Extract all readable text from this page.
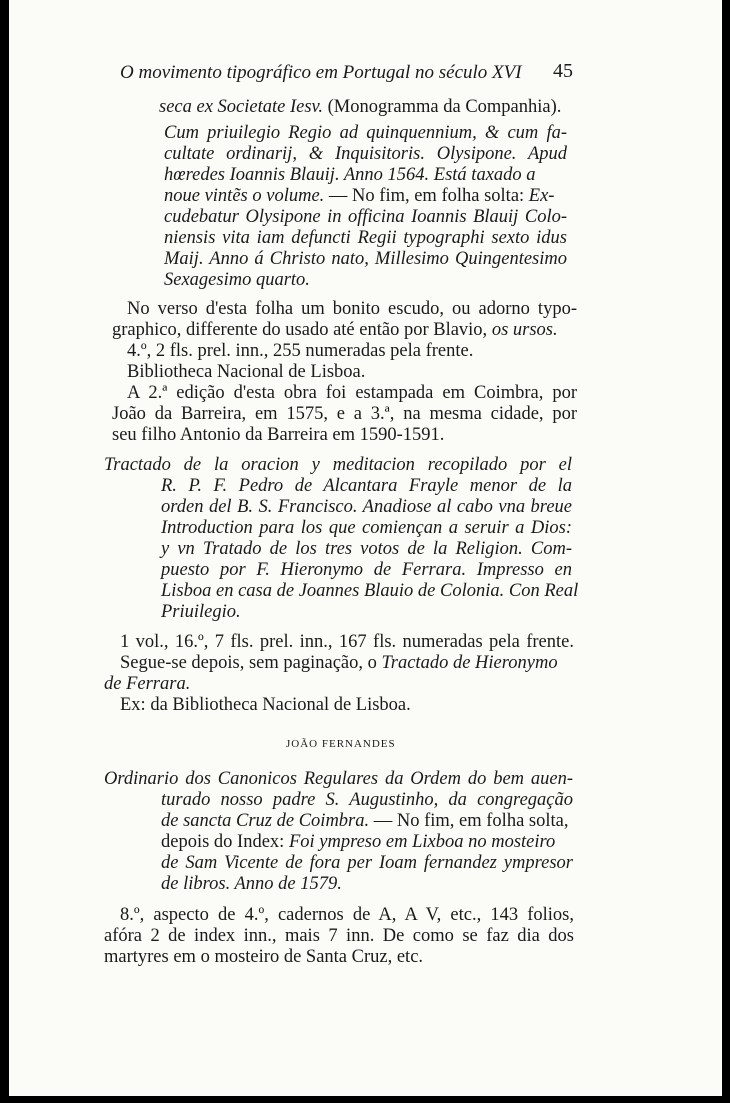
O movimento tipográfico em Portugal no século XVI 45
seca ex Societate Iesv. (Monogramma da Companhia).
Cum priuilegio Regio ad quinquennium, & cum fa-
cultate ordinarij, & Inquisitoris. Olysipone. Apud
hœredes Ioannis Blauij. Anno 1564. Está taxado a
noue vintẽs o volume. — No fim, em folha solta: Ex-
cudebatur Olysipone in officina Ioannis Blauij Colo-
niensis vita iam defuncti Regii typographi sexto idus
Maij. Anno á Christo nato, Millesimo Quingentesimo
Sexagesimo quarto.
No verso d'esta folha um bonito escudo, ou adorno typo-
graphico, differente do usado até então por Blavio, os ursos.
4.º, 2 fls. prel. inn., 255 numeradas pela frente.
Bibliotheca Nacional de Lisboa.
A 2.ª edição d'esta obra foi estampada em Coimbra, por
João da Barreira, em 1575, e a 3.ª, na mesma cidade, por
seu filho Antonio da Barreira em 1590-1591.
Tractado de la oracion y meditacion recopilado por el
R. P. F. Pedro de Alcantara Frayle menor de la
orden del B. S. Francisco. Anadiose al cabo vna breue
Introduction para los que comiençan a seruir a Dios:
y vn Tratado de los tres votos de la Religion. Com-
puesto por F. Hieronymo de Ferrara. Impresso en
Lisboa en casa de Joannes Blauio de Colonia. Con Real
Priuilegio.
1 vol., 16.º, 7 fls. prel. inn., 167 fls. numeradas pela frente.
Segue-se depois, sem paginação, o Tractado de Hieronymo
de Ferrara.
Ex: da Bibliotheca Nacional de Lisboa.
JOÃO FERNANDES
Ordinario dos Canonicos Regulares da Ordem do bem auen-
turado nosso padre S. Augustinho, da congregação
de sancta Cruz de Coimbra. — No fim, em folha solta,
depois do Index: Foi ympreso em Lixboa no mosteiro
de Sam Vicente de fora per Ioam fernandez ympresor
de libros. Anno de 1579.
8.º, aspecto de 4.º, cadernos de A, A V, etc., 143 folios,
afóra 2 de index inn., mais 7 inn. De como se faz dia dos
martyres em o mosteiro de Santa Cruz, etc.
